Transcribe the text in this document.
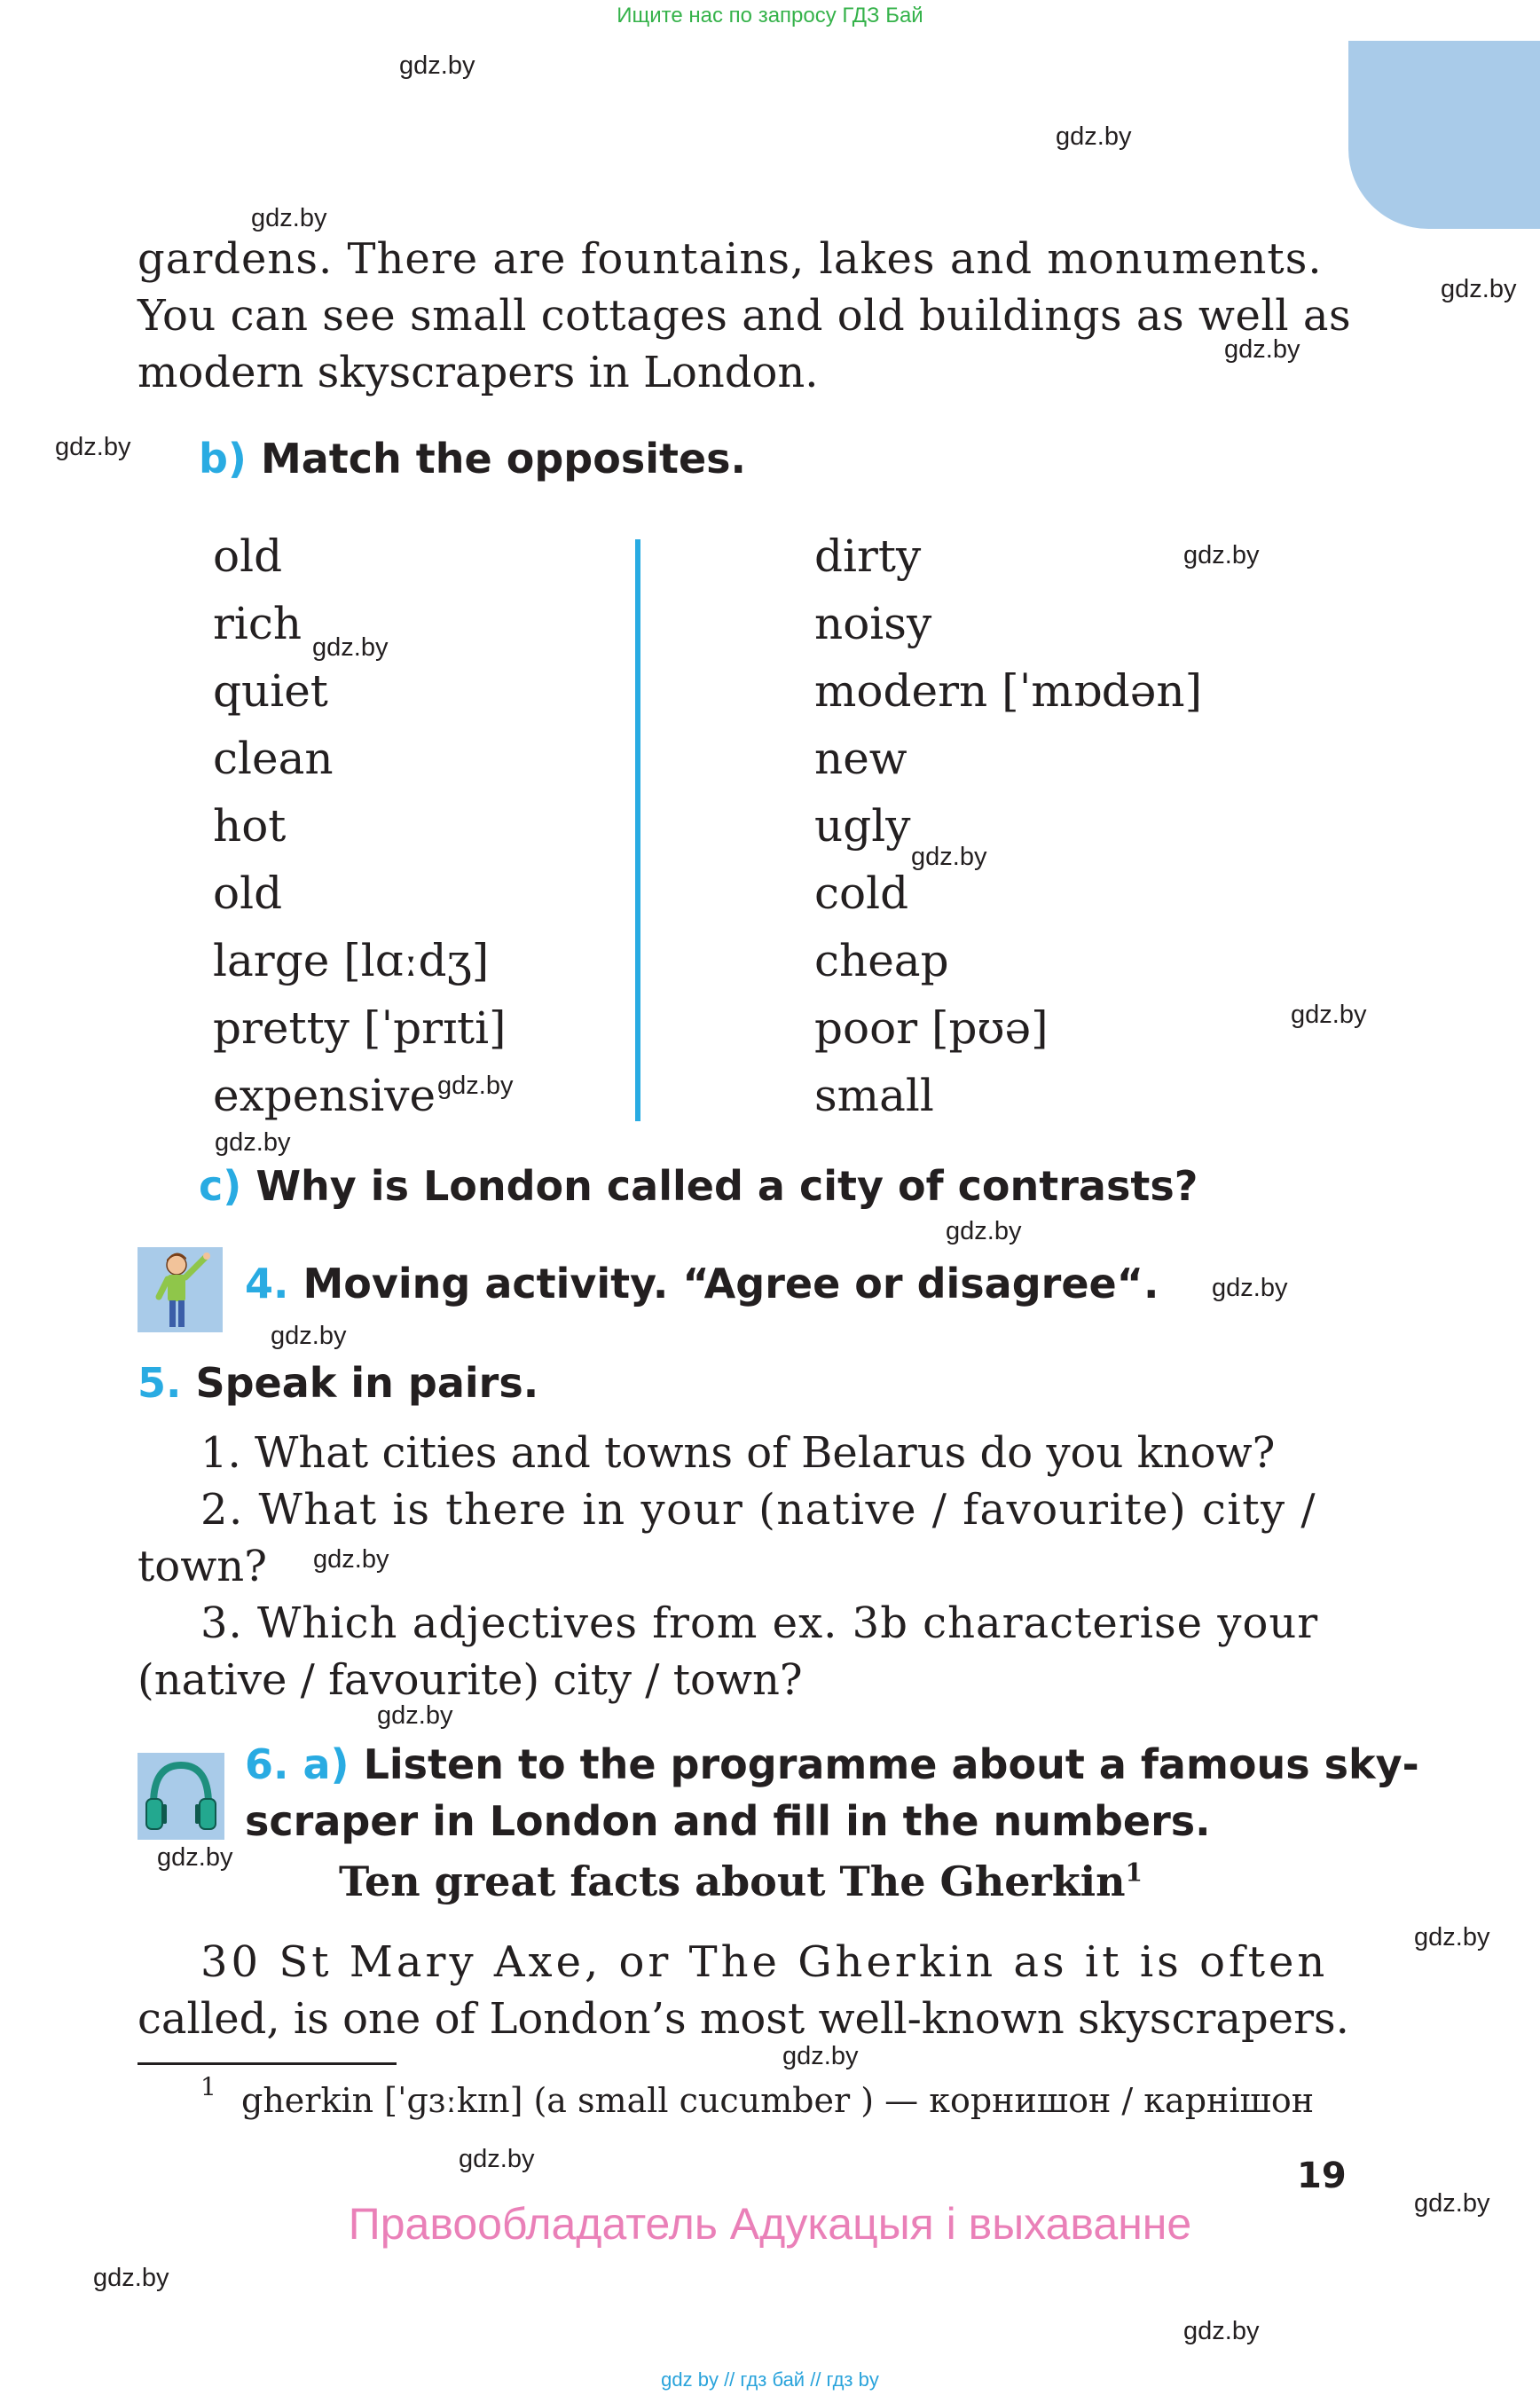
Ищите нас по запросу ГДЗ Бай
gdz.by
gdz.by
gdz.by
gdz.by
gdz.by
gdz.by
gdz.by
gdz.by
gdz.by
gdz.by
gdz.by
gdz.by
gdz.by
gdz.by
gdz.by
gdz.by
gdz.by
gdz.by
gdz.by
gdz.by
gdz.by
gdz.by
gdz.by
gdz.by
gardens. There are fountains, lakes and monuments.
You can see small cottages and old buildings as well as
modern skyscrapers in London.
b) Match the opposites.
old
rich
quiet
clean
hot
old
large [lɑːdʒ]
pretty [ˈprɪti]
expensive
dirty
noisy
modern [ˈmɒdən]
new
ugly
cold
cheap
poor [pʊə]
small
c) Why is London called a city of contrasts?
4. Moving activity. “Agree or disagree“.
5. Speak in pairs.
1. What cities and towns of Belarus do you know?
2. What is there in your (native / favourite) city /
town?
3. Which adjectives from ex. 3b characterise your
(native / favourite) city / town?
6. a) Listen to the programme about a famous sky-
scraper in London and fill in the numbers.
Ten great facts about The Gherkin$^1$
30 St Mary Axe, or The Gherkin as it is often
called, is one of London’s most well-known skyscrapers.
1 gherkin [ˈɡɜːkɪn] (a small cucumber ) — корнишон / карнішон
19
Правообладатель Адукацыя і выхаванне
gdz by // гдз бай // гдз by
